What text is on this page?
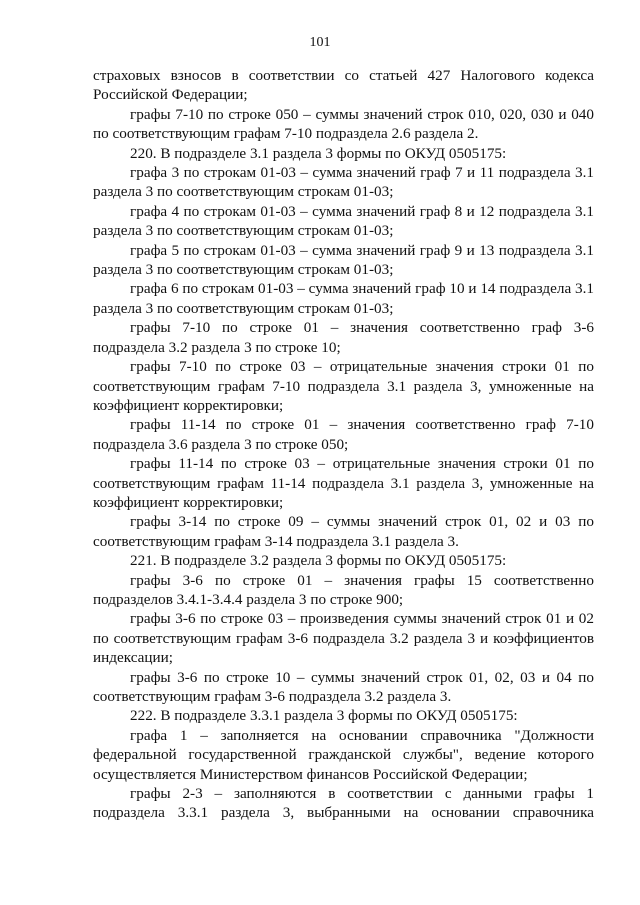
101

страховых взносов в соответствии со статьей 427 Налогового кодекса Российской Федерации;

графы 7-10 по строке 050 – суммы значений строк 010, 020, 030 и 040 по соответствующим графам 7-10 подраздела 2.6 раздела 2.

220. В подразделе 3.1 раздела 3 формы по ОКУД 0505175:

графа 3 по строкам 01-03 – сумма значений граф 7 и 11 подраздела 3.1 раздела 3 по соответствующим строкам 01-03;

графа 4 по строкам 01-03 – сумма значений граф 8 и 12 подраздела 3.1 раздела 3 по соответствующим строкам 01-03;

графа 5 по строкам 01-03 – сумма значений граф 9 и 13 подраздела 3.1 раздела 3 по соответствующим строкам 01-03;

графа 6 по строкам 01-03 – сумма значений граф 10 и 14 подраздела 3.1 раздела 3 по соответствующим строкам 01-03;

графы 7-10 по строке 01 – значения соответственно граф 3-6 подраздела 3.2 раздела 3 по строке 10;

графы 7-10 по строке 03 – отрицательные значения строки 01 по соответствующим графам 7-10 подраздела 3.1 раздела 3, умноженные на коэффициент корректировки;

графы 11-14 по строке 01 – значения соответственно граф 7-10 подраздела 3.6 раздела 3 по строке 050;

графы 11-14 по строке 03 – отрицательные значения строки 01 по соответствующим графам 11-14 подраздела 3.1 раздела 3, умноженные на коэффициент корректировки;

графы 3-14 по строке 09 – суммы значений строк 01, 02 и 03 по соответствующим графам 3-14 подраздела 3.1 раздела 3.

221. В подразделе 3.2 раздела 3 формы по ОКУД 0505175:

графы 3-6 по строке 01 – значения графы 15 соответственно подразделов 3.4.1-3.4.4 раздела 3 по строке 900;

графы 3-6 по строке 03 – произведения суммы значений строк 01 и 02 по соответствующим графам 3-6 подраздела 3.2 раздела 3 и коэффициентов индексации;

графы 3-6 по строке 10 – суммы значений строк 01, 02, 03 и 04 по соответствующим графам 3-6 подраздела 3.2 раздела 3.

222. В подразделе 3.3.1 раздела 3 формы по ОКУД 0505175:

графа 1 – заполняется на основании справочника "Должности федеральной государственной гражданской службы", ведение которого осуществляется Министерством финансов Российской Федерации;

графы 2-3 – заполняются в соответствии с данными графы 1 подраздела 3.3.1 раздела 3, выбранными на основании справочника
